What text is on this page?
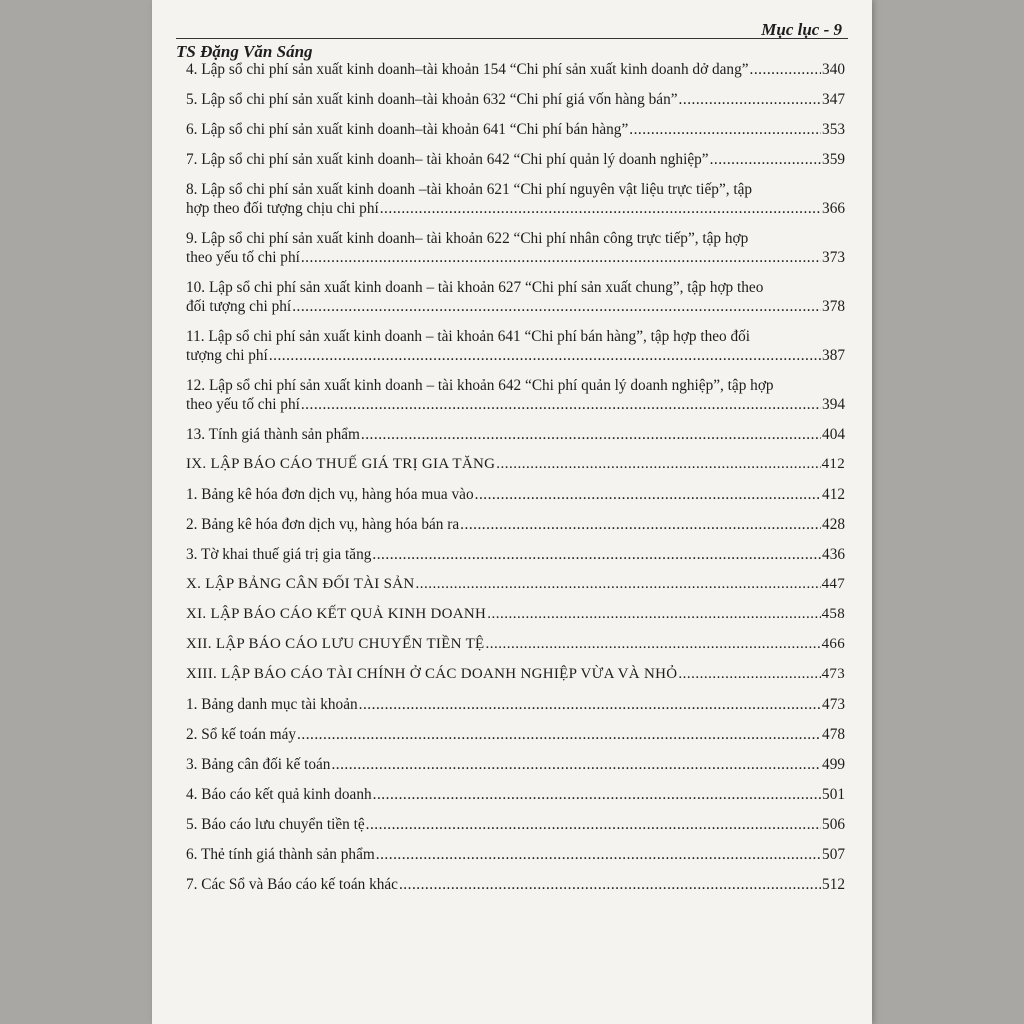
Mục lục - 9
TS Đặng Văn Sáng
4. Lập sổ chi phí sản xuất kinh doanh–tài khoản 154 “Chi phí sản xuất kinh doanh dở dang” .....	340
5. Lập sổ chi phí sản xuất kinh doanh–tài khoản 632 “Chi phí giá vốn hàng bán” .....	347
6. Lập sổ chi phí sản xuất kinh doanh–tài khoản 641 “Chi phí bán hàng” .....	353
7. Lập sổ chi phí sản xuất kinh doanh– tài khoản 642 “Chi phí quản lý doanh nghiệp” .....	359
8. Lập sổ chi phí sản xuất kinh doanh –tài khoản 621 “Chi phí nguyên vật liệu trực tiếp”, tập
hợp theo đối tượng chịu chi phí .....	366
9. Lập sổ chi phí sản xuất kinh doanh– tài khoản 622 “Chi phí nhân công trực tiếp”, tập hợp
theo yếu tố chi phí .....	373
10. Lập sổ chi phí sản xuất kinh doanh – tài khoản 627 “Chi phí sản xuất chung”, tập hợp theo
đối tượng chi phí .....	378
11. Lập sổ chi phí sản xuất kinh doanh – tài khoản 641 “Chi phí bán hàng”, tập hợp theo đối
tượng chi phí .....	387
12. Lập sổ chi phí sản xuất kinh doanh – tài khoản 642 “Chi phí quản lý doanh nghiệp”, tập hợp
theo yếu tố chi phí .....	394
13. Tính giá thành sản phẩm .....	404
IX. LẬP BÁO CÁO THUẾ GIÁ TRỊ GIA TĂNG .....	412
1. Bảng kê hóa đơn dịch vụ, hàng hóa mua vào .....	412
2. Bảng kê hóa đơn dịch vụ, hàng hóa bán ra .....	428
3. Tờ khai thuế giá trị gia tăng .....	436
X. LẬP BẢNG CÂN ĐỐI TÀI SẢN .....	447
XI. LẬP BÁO CÁO KẾT QUẢ KINH DOANH .....	458
XII. LẬP BÁO CÁO LƯU CHUYỂN TIỀN TỆ .....	466
XIII. LẬP BÁO CÁO TÀI CHÍNH Ở CÁC DOANH NGHIỆP VỪA VÀ NHỎ .....	473
1. Bảng danh mục tài khoản .....	473
2. Sổ kế toán máy .....	478
3. Bảng cân đối kế toán .....	499
4. Báo cáo kết quả kinh doanh .....	501
5. Báo cáo lưu chuyển tiền tệ .....	506
6. Thẻ tính giá thành sản phẩm .....	507
7. Các Sổ và Báo cáo kế toán khác .....	512
